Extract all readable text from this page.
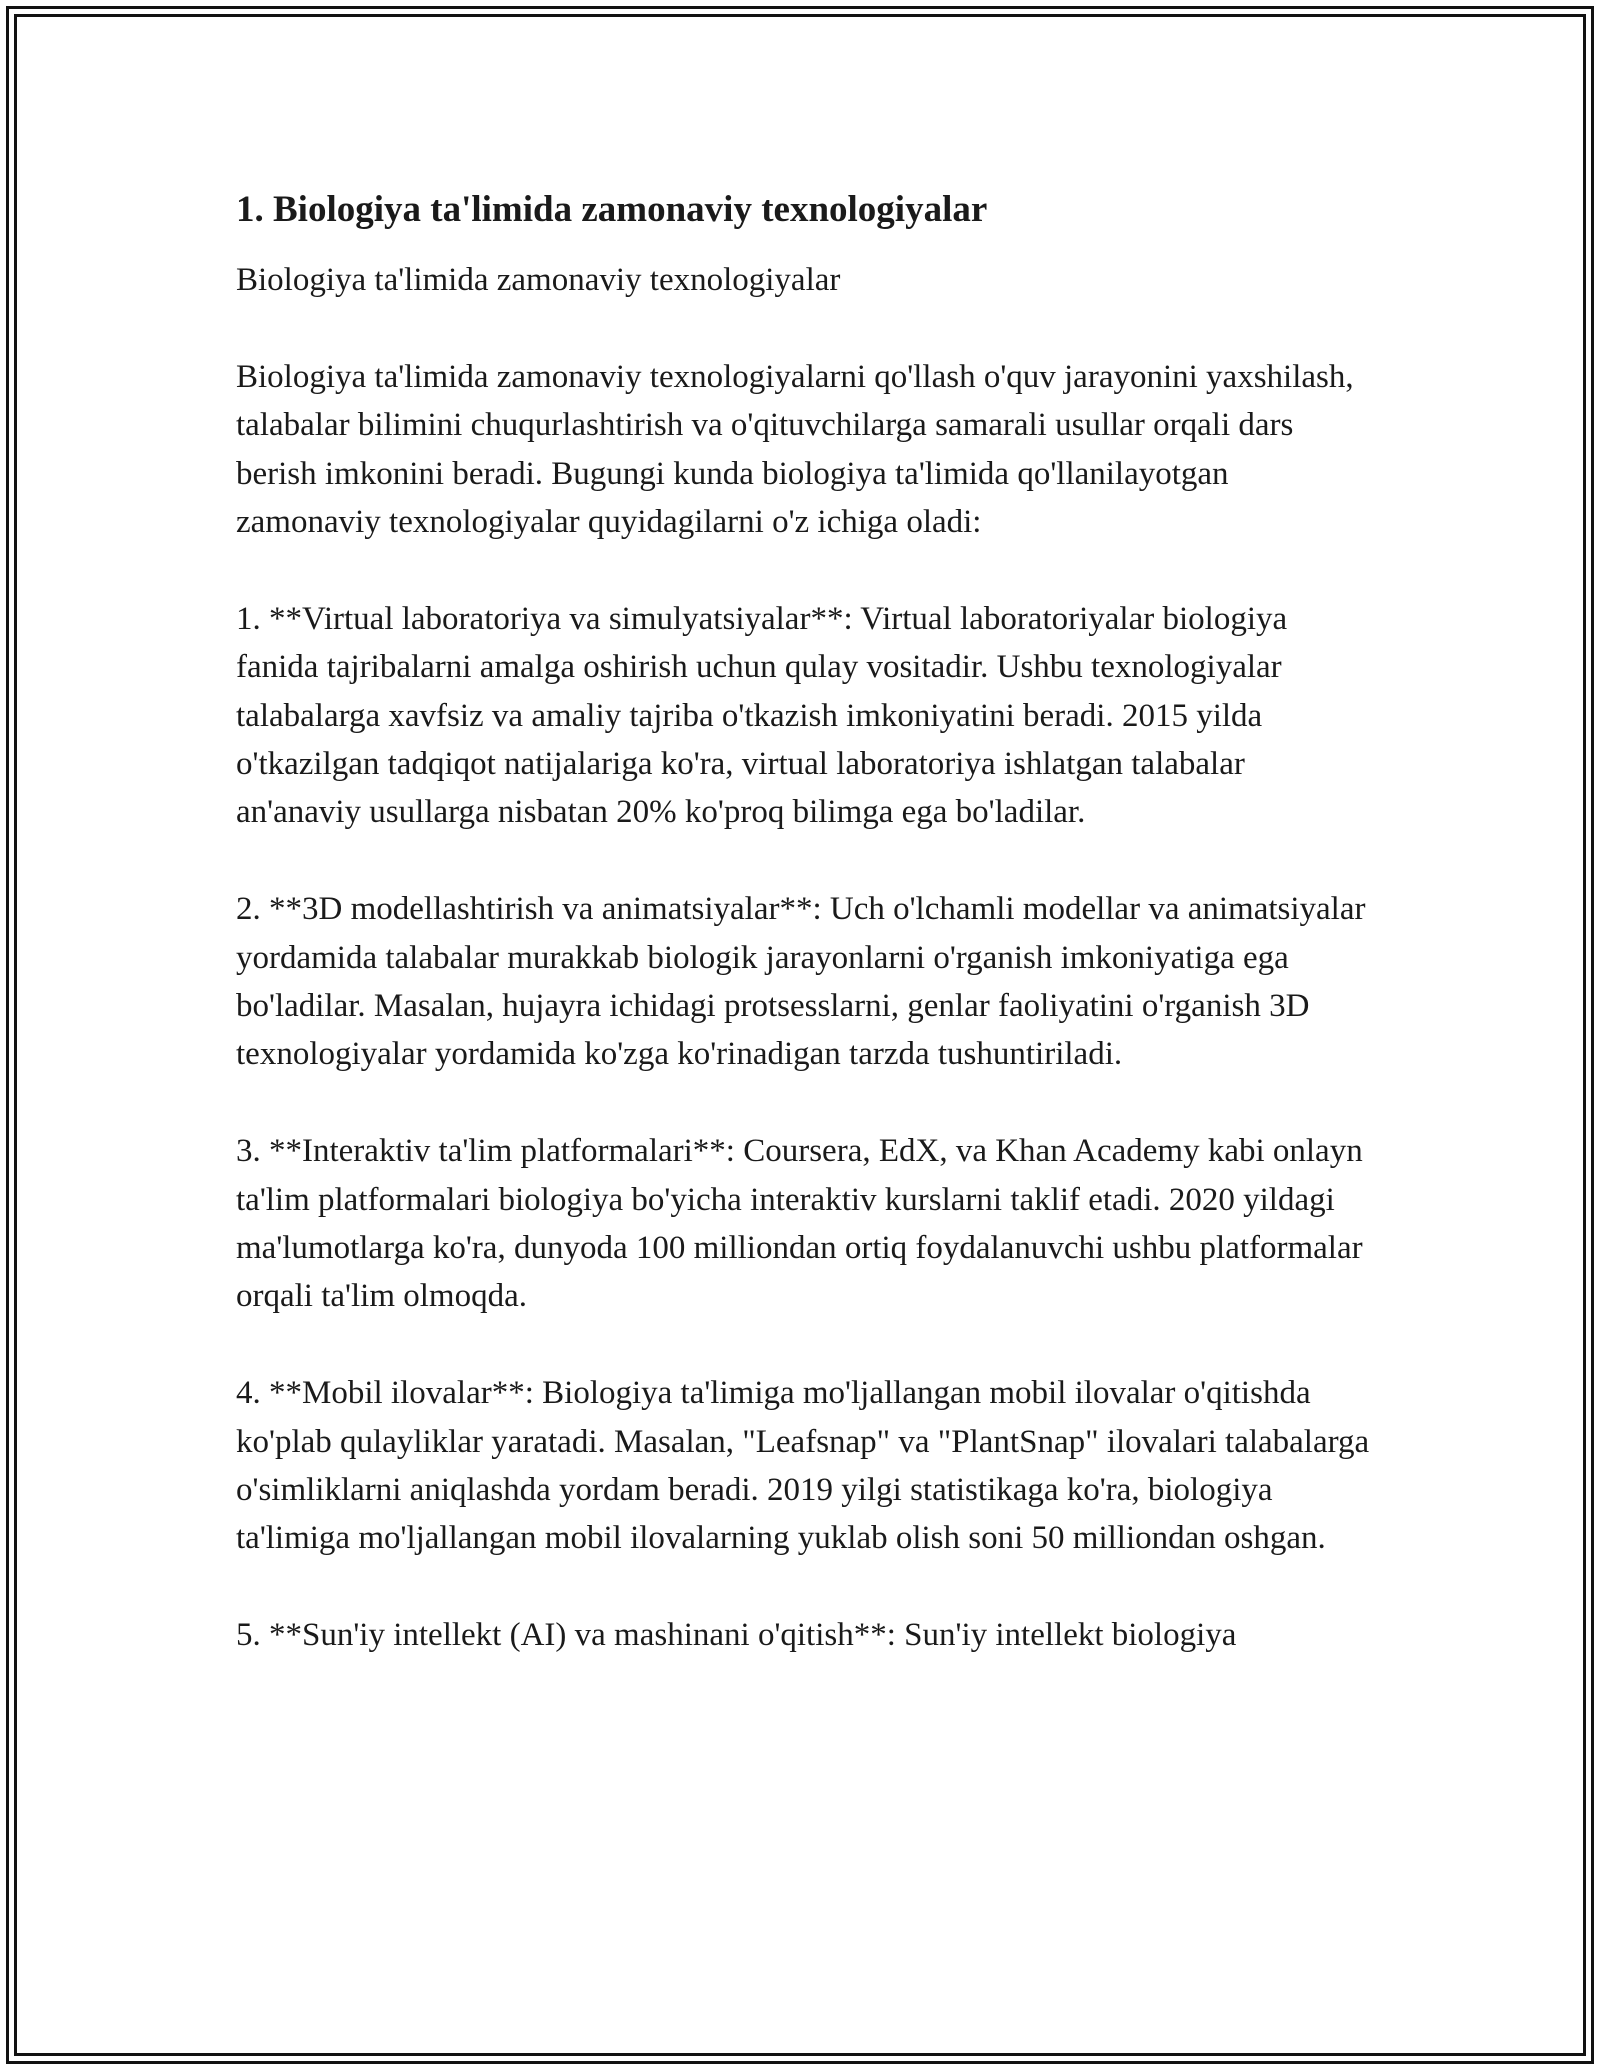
1. Biologiya ta'limida zamonaviy texnologiyalar

Biologiya ta'limida zamonaviy texnologiyalar

Biologiya ta'limida zamonaviy texnologiyalarni qo'llash o'quv jarayonini yaxshilash, talabalar bilimini chuqurlashtirish va o'qituvchilarga samarali usullar orqali dars berish imkonini beradi. Bugungi kunda biologiya ta'limida qo'llanilayotgan zamonaviy texnologiyalar quyidagilarni o'z ichiga oladi:

1. **Virtual laboratoriya va simulyatsiyalar**: Virtual laboratoriyalar biologiya fanida tajribalarni amalga oshirish uchun qulay vositadir. Ushbu texnologiyalar talabalarga xavfsiz va amaliy tajriba o'tkazish imkoniyatini beradi. 2015 yilda o'tkazilgan tadqiqot natijalariga ko'ra, virtual laboratoriya ishlatgan talabalar an'anaviy usullarga nisbatan 20% ko'proq bilimga ega bo'ladilar.

2. **3D modellashtirish va animatsiyalar**: Uch o'lchamli modellar va animatsiyalar yordamida talabalar murakkab biologik jarayonlarni o'rganish imkoniyatiga ega bo'ladilar. Masalan, hujayra ichidagi protsesslarni, genlar faoliyatini o'rganish 3D texnologiyalar yordamida ko'zga ko'rinadigan tarzda tushuntiriladi.

3. **Interaktiv ta'lim platformalari**: Coursera, EdX, va Khan Academy kabi onlayn ta'lim platformalari biologiya bo'yicha interaktiv kurslarni taklif etadi. 2020 yildagi ma'lumotlarga ko'ra, dunyoda 100 milliondan ortiq foydalanuvchi ushbu platformalar orqali ta'lim olmoqda.

4. **Mobil ilovalar**: Biologiya ta'limiga mo'ljallangan mobil ilovalar o'qitishda ko'plab qulayliklar yaratadi. Masalan, "Leafsnap" va "PlantSnap" ilovalari talabalarga o'simliklarni aniqlashda yordam beradi. 2019 yilgi statistikaga ko'ra, biologiya ta'limiga mo'ljallangan mobil ilovalarning yuklab olish soni 50 milliondan oshgan.

5. **Sun'iy intellekt (AI) va mashinani o'qitish**: Sun'iy intellekt biologiya
